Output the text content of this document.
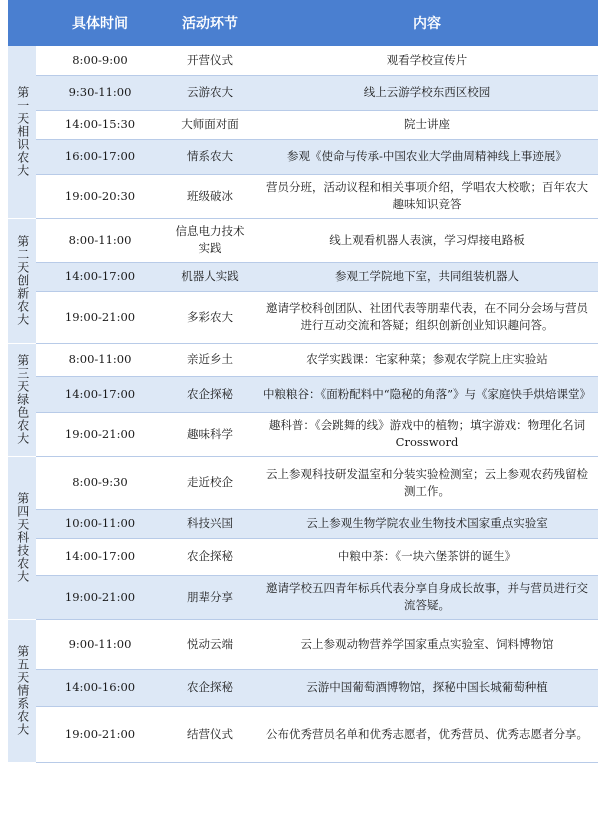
	具体时间	活动环节	内容
第一天相识农大	8:00-9:00	开营仪式	观看学校宣传片
	9:30-11:00	云游农大	线上云游学校东西区校园
	14:00-15:30	大师面对面	院士讲座
	16:00-17:00	情系农大	参观《使命与传承-中国农业大学曲周精神线上事迹展》
	19:00-20:30	班级破冰	营员分班，活动议程和相关事项介绍，学唱农大校歌；百年农大趣味知识竞答
第二天创新农大	8:00-11:00	信息电力技术实践	线上观看机器人表演，学习焊接电路板
	14:00-17:00	机器人实践	参观工学院地下室，共同组装机器人
	19:00-21:00	多彩农大	邀请学校科创团队、社团代表等朋辈代表，在不同分会场与营员进行互动交流和答疑；组织创新创业知识趣问答。
第三天绿色农大	8:00-11:00	亲近乡土	农学实践课：宅家种菜；参观农学院上庄实验站
	14:00-17:00	农企探秘	中粮粮谷：《面粉配料中“隐秘的角落”》与《家庭快手烘焙课堂》
	19:00-21:00	趣味科学	趣科普：《会跳舞的线》游戏中的植物；填字游戏：物理化名词 Crossword
第四天科技农大	8:00-9:30	走近校企	云上参观科技研发温室和分装实验检测室；云上参观农药残留检测工作。
	10:00-11:00	科技兴国	云上参观生物学院农业生物技术国家重点实验室
	14:00-17:00	农企探秘	中粮中茶：《一块六堡茶饼的诞生》
	19:00-21:00	朋辈分享	邀请学校五四青年标兵代表分享自身成长故事，并与营员进行交流答疑。
第五天情系农大	9:00-11:00	悦动云端	云上参观动物营养学国家重点实验室、饲料博物馆
	14:00-16:00	农企探秘	云游中国葡萄酒博物馆，探秘中国长城葡萄种植
	19:00-21:00	结营仪式	公布优秀营员名单和优秀志愿者，优秀营员、优秀志愿者分享。
